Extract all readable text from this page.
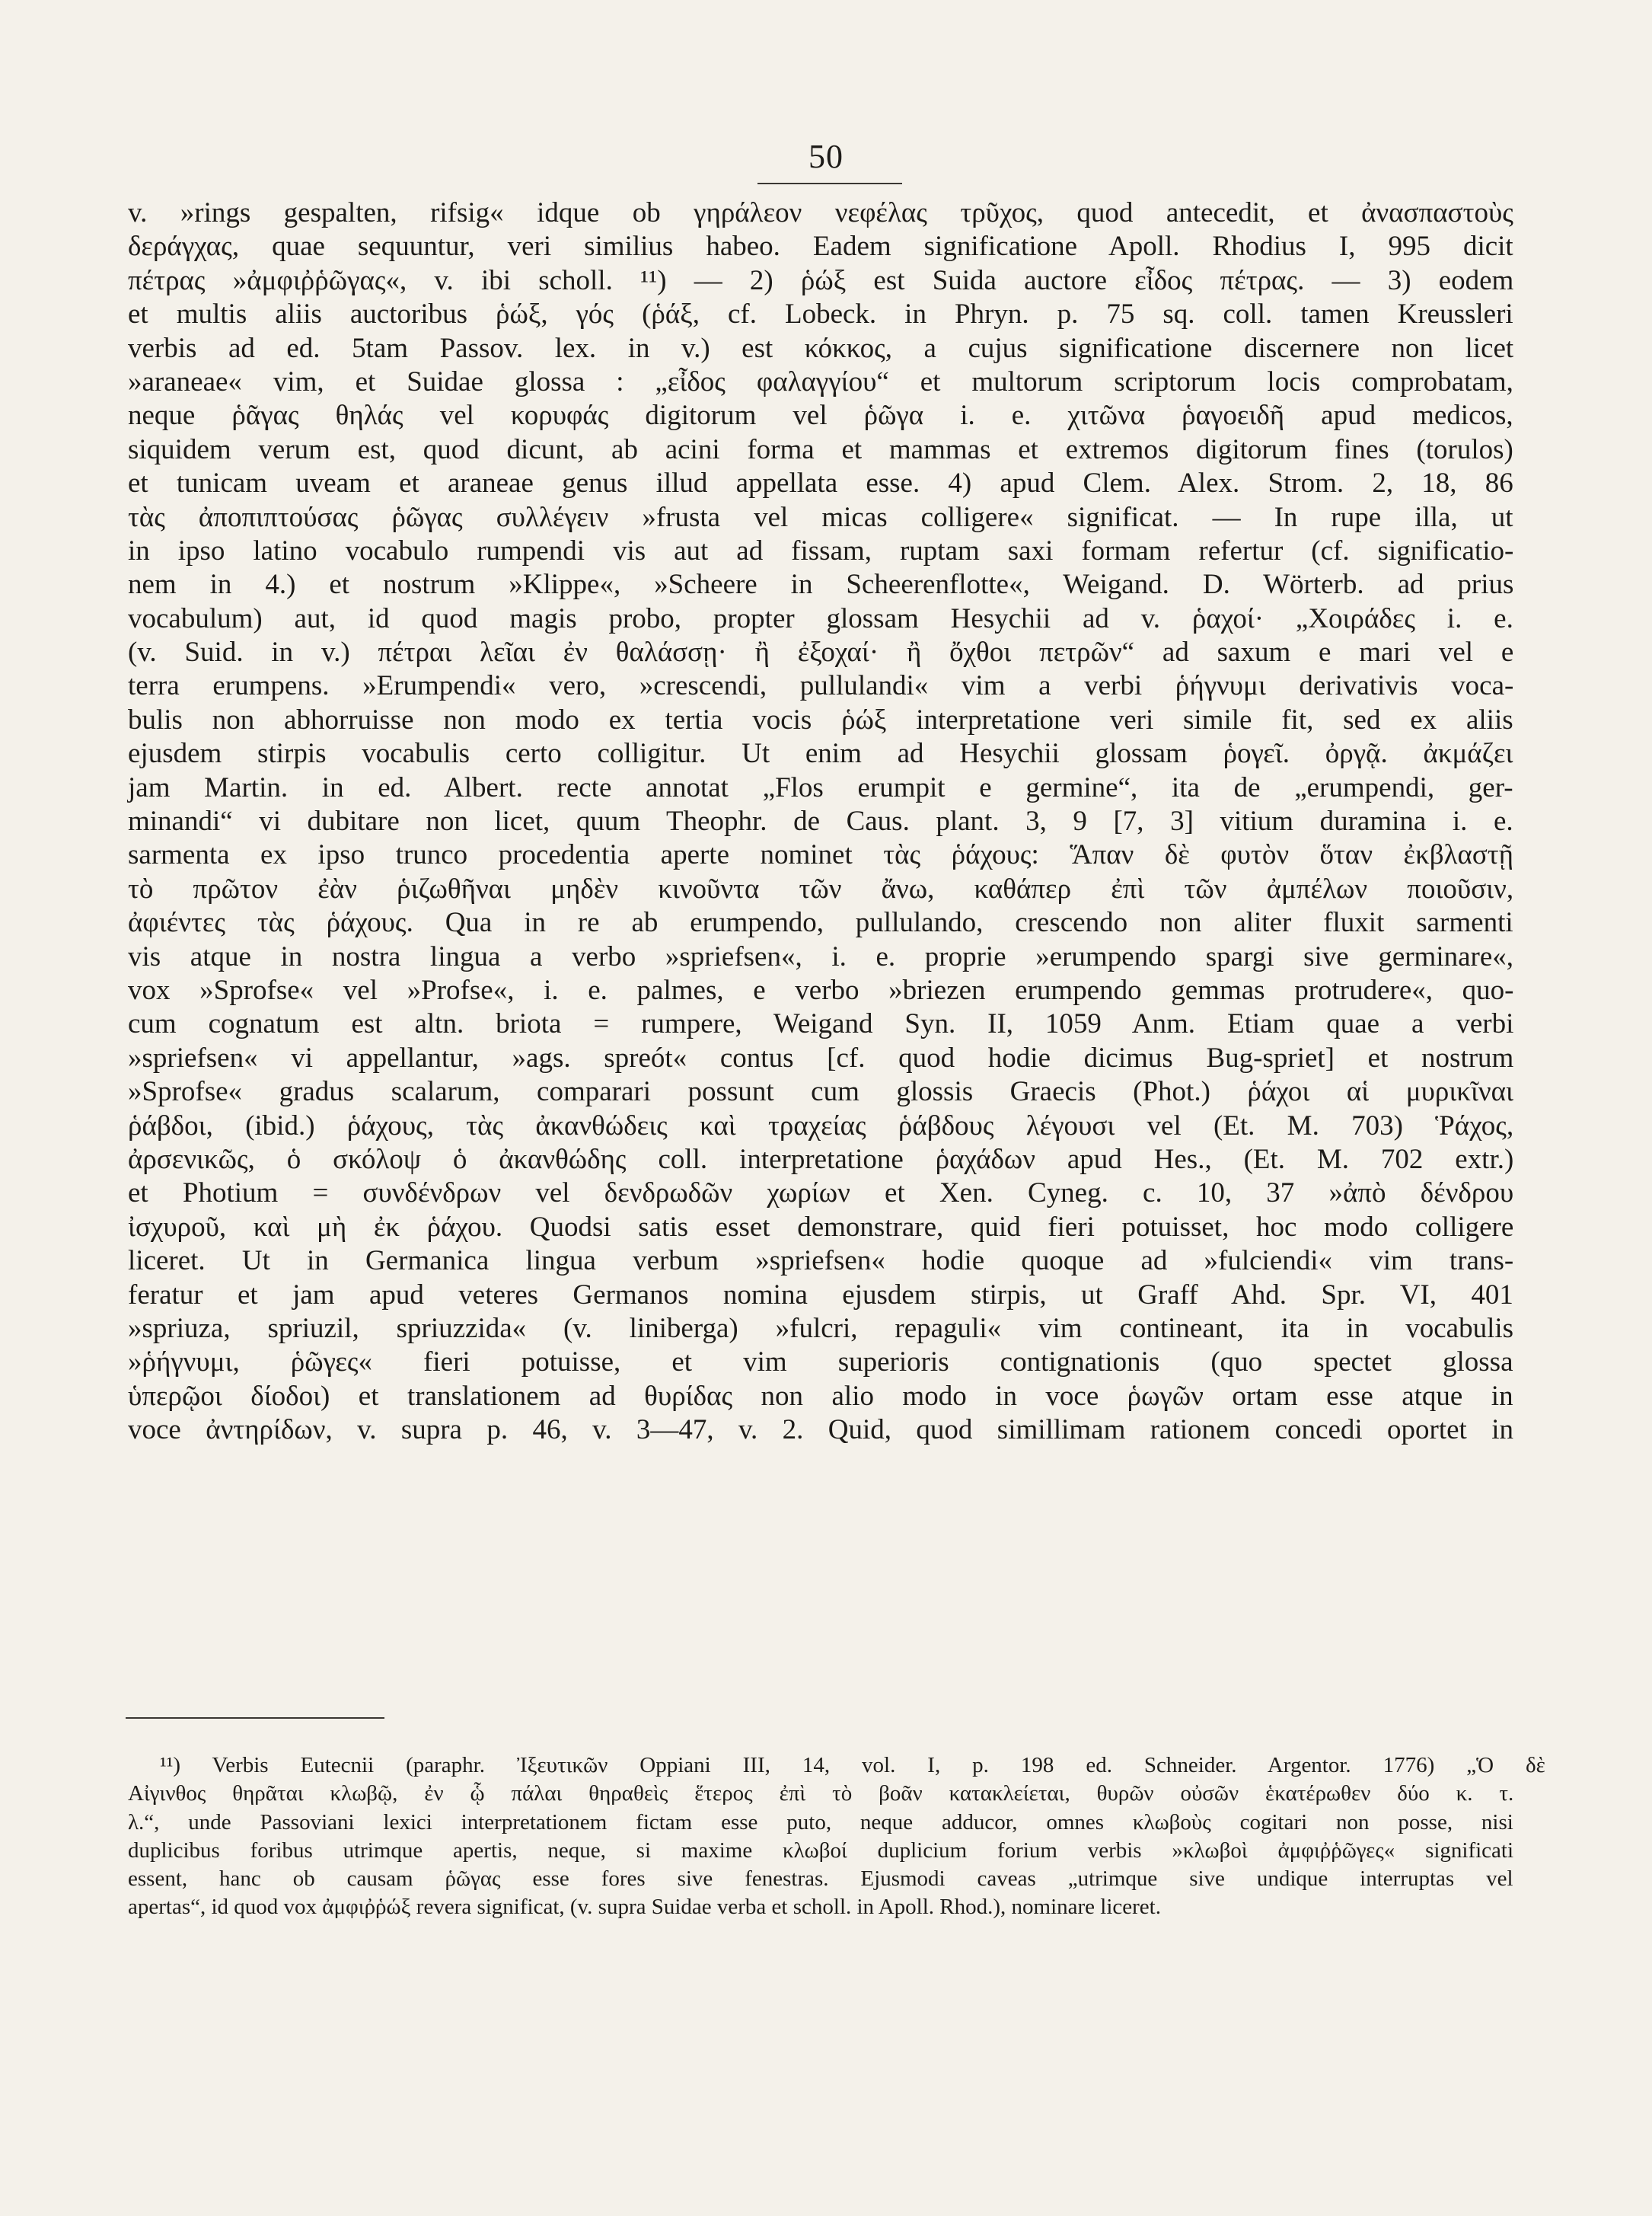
50
v. »rings gespalten, rifsig« idque ob γηράλεον νεφέλας τρῦχος, quod antecedit, et ἀνασπαστοὺς
δεράγχας, quae sequuntur, veri similius habeo. Eadem significatione Apoll. Rhodius I, 995 dicit
πέτρας »ἀμφιῤῥῶγας«, v. ibi scholl. ¹¹) — 2) ῥώξ est Suida auctore εἶδος πέτρας. — 3) eodem
et multis aliis auctoribus ῥώξ, γός (ῥάξ, cf. Lobeck. in Phryn. p. 75 sq. coll. tamen Kreussleri
verbis ad ed. 5tam Passov. lex. in v.) est κόκκος, a cujus significatione discernere non licet
»araneae« vim, et Suidae glossa : „εἶδος φαλαγγίου“ et multorum scriptorum locis comprobatam,
neque ῥᾶγας θηλάς vel κορυφάς digitorum vel ῥῶγα i. e. χιτῶνα ῥαγοειδῆ apud medicos,
siquidem verum est, quod dicunt, ab acini forma et mammas et extremos digitorum fines (torulos)
et tunicam uveam et araneae genus illud appellata esse. 4) apud Clem. Alex. Strom. 2, 18, 86
τὰς ἀποπιπτούσας ῥῶγας συλλέγειν »frusta vel micas colligere« significat. — In rupe illa, ut
in ipso latino vocabulo rumpendi vis aut ad fissam, ruptam saxi formam refertur (cf. significatio-
nem in 4.) et nostrum »Klippe«, »Scheere in Scheerenflotte«, Weigand. D. Wörterb. ad prius
vocabulum) aut, id quod magis probo, propter glossam Hesychii ad v. ῥαχοί· „Χοιράδες i. e.
(v. Suid. in v.) πέτραι λεῖαι ἐν θαλάσσῃ· ἢ ἐξοχαί· ἢ ὄχθοι πετρῶν“ ad saxum e mari vel e
terra erumpens. »Erumpendi« vero, »crescendi, pullulandi« vim a verbi ῥήγνυμι derivativis voca-
bulis non abhorruisse non modo ex tertia vocis ῥώξ interpretatione veri simile fit, sed ex aliis
ejusdem stirpis vocabulis certo colligitur. Ut enim ad Hesychii glossam ῥογεῖ. ὀργᾷ. ἀκμάζει
jam Martin. in ed. Albert. recte annotat „Flos erumpit e germine“, ita de „erumpendi, ger-
minandi“ vi dubitare non licet, quum Theophr. de Caus. plant. 3, 9 [7, 3] vitium duramina i. e.
sarmenta ex ipso trunco procedentia aperte nominet τὰς ῥάχους: Ἅπαν δὲ φυτὸν ὅταν ἐκβλαστῇ
τὸ πρῶτον ἐὰν ῥιζωθῆναι μηδὲν κινοῦντα τῶν ἄνω, καθάπερ ἐπὶ τῶν ἀμπέλων ποιοῦσιν,
ἀφιέντες τὰς ῥάχους. Qua in re ab erumpendo, pullulando, crescendo non aliter fluxit sarmenti
vis atque in nostra lingua a verbo »spriefsen«, i. e. proprie »erumpendo spargi sive germinare«,
vox »Sprofse« vel »Profse«, i. e. palmes, e verbo »briezen erumpendo gemmas protrudere«, quo-
cum cognatum est altn. briota = rumpere, Weigand Syn. II, 1059 Anm. Etiam quae a verbi
»spriefsen« vi appellantur, »ags. spreót« contus [cf. quod hodie dicimus Bug-spriet] et nostrum
»Sprofse« gradus scalarum, comparari possunt cum glossis Graecis (Phot.) ῥάχοι αἱ μυρικῖναι
ῥάβδοι, (ibid.) ῥάχους, τὰς ἀκανθώδεις καὶ τραχείας ῥάβδους λέγουσι vel (Et. M. 703) Ῥάχος,
ἀρσενικῶς, ὁ σκόλοψ ὁ ἀκανθώδης coll. interpretatione ῥαχάδων apud Hes., (Et. M. 702 extr.)
et Photium = συνδένδρων vel δενδρωδῶν χωρίων et Xen. Cyneg. c. 10, 37 »ἀπὸ δένδρου
ἰσχυροῦ, καὶ μὴ ἐκ ῥάχου. Quodsi satis esset demonstrare, quid fieri potuisset, hoc modo colligere
liceret. Ut in Germanica lingua verbum »spriefsen« hodie quoque ad »fulciendi« vim trans-
feratur et jam apud veteres Germanos nomina ejusdem stirpis, ut Graff Ahd. Spr. VI, 401
»spriuza, spriuzil, spriuzzida« (v. liniberga) »fulcri, repaguli« vim contineant, ita in vocabulis
»ῥήγνυμι, ῥῶγες« fieri potuisse, et vim superioris contignationis (quo spectet glossa
ὑπερῷοι δίοδοι) et translationem ad θυρίδας non alio modo in voce ῥωγῶν ortam esse atque in
voce ἀντηρίδων, v. supra p. 46, v. 3—47, v. 2. Quid, quod simillimam rationem concedi oportet in
¹¹) Verbis Eutecnii (paraphr. Ἰξευτικῶν Oppiani III, 14, vol. I, p. 198 ed. Schneider. Argentor. 1776) „Ὁ δὲ
Αἰγινθος θηρᾶται κλωβῷ, ἐν ᾧ πάλαι θηραθεὶς ἕτερος ἐπὶ τὸ βοᾶν κατακλείεται, θυρῶν οὐσῶν ἑκατέρωθεν δύο κ. τ.
λ.“, unde Passoviani lexici interpretationem fictam esse puto, neque adducor, omnes κλωβοὺς cogitari non posse, nisi
duplicibus foribus utrimque apertis, neque, si maxime κλωβοί duplicium forium verbis »κλωβοὶ ἀμφιῤῥῶγες« significati
essent, hanc ob causam ῥῶγας esse fores sive fenestras. Ejusmodi caveas „utrimque sive undique interruptas vel
apertas“, id quod vox ἀμφιῤῥώξ revera significat, (v. supra Suidae verba et scholl. in Apoll. Rhod.), nominare liceret.
